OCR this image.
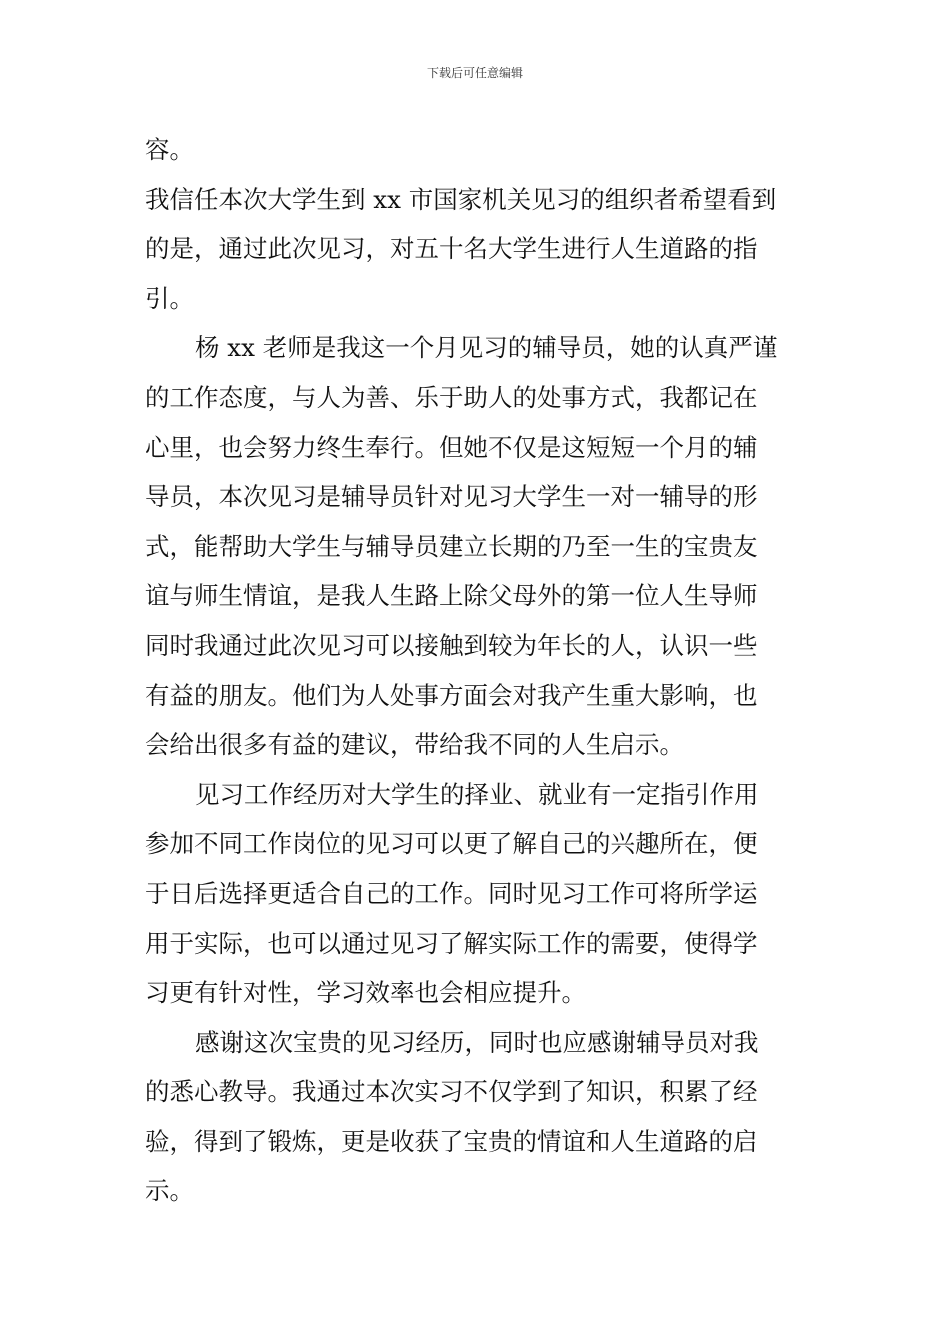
下载后可任意编辑
容。
我信任本次大学生到 xx 市国家机关见习的组织者希望看到
的是，通过此次见习，对五十名大学生进行人生道路的指
引。
杨 xx 老师是我这一个月见习的辅导员，她的认真严谨
的工作态度，与人为善、乐于助人的处事方式，我都记在
心里，也会努力终生奉行。但她不仅是这短短一个月的辅
导员，本次见习是辅导员针对见习大学生一对一辅导的形
式，能帮助大学生与辅导员建立长期的乃至一生的宝贵友
谊与师生情谊，是我人生路上除父母外的第一位人生导师
同时我通过此次见习可以接触到较为年长的人，认识一些
有益的朋友。他们为人处事方面会对我产生重大影响，也
会给出很多有益的建议，带给我不同的人生启示。
见习工作经历对大学生的择业、就业有一定指引作用
参加不同工作岗位的见习可以更了解自己的兴趣所在，便
于日后选择更适合自己的工作。同时见习工作可将所学运
用于实际，也可以通过见习了解实际工作的需要，使得学
习更有针对性，学习效率也会相应提升。
感谢这次宝贵的见习经历，同时也应感谢辅导员对我
的悉心教导。我通过本次实习不仅学到了知识，积累了经
验，得到了锻炼，更是收获了宝贵的情谊和人生道路的启
示。
